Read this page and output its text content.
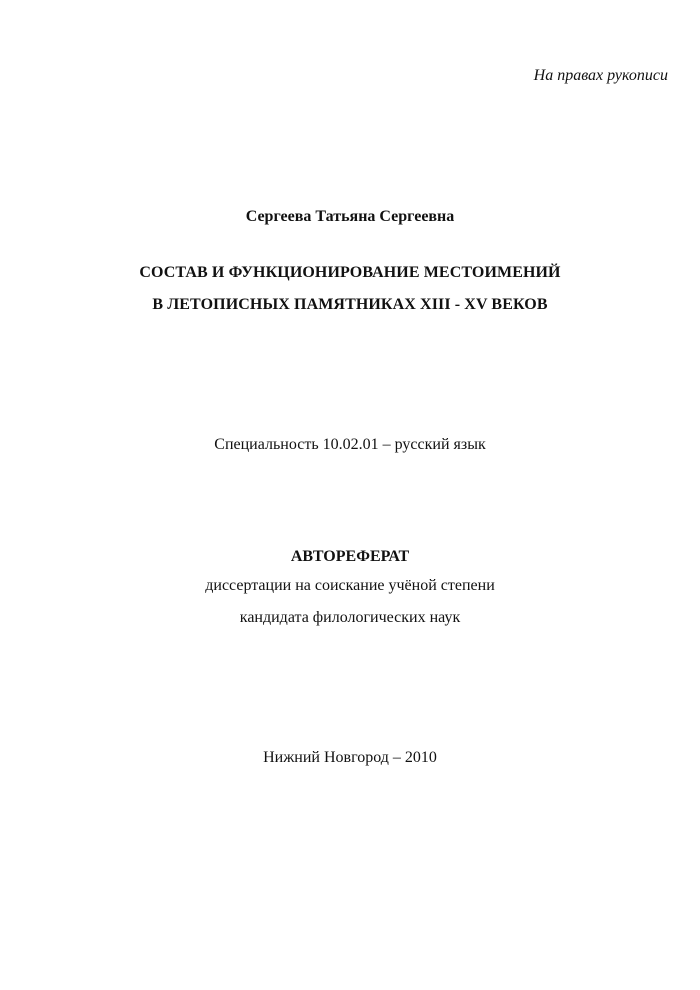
На правах рукописи
Сергеева Татьяна Сергеевна
СОСТАВ И ФУНКЦИОНИРОВАНИЕ МЕСТОИМЕНИЙ
В ЛЕТОПИСНЫХ ПАМЯТНИКАХ XIII - XV ВЕКОВ
Специальность 10.02.01 – русский язык
АВТОРЕФЕРАТ
диссертации на соискание учёной степени
кандидата филологических наук
Нижний Новгород – 2010
